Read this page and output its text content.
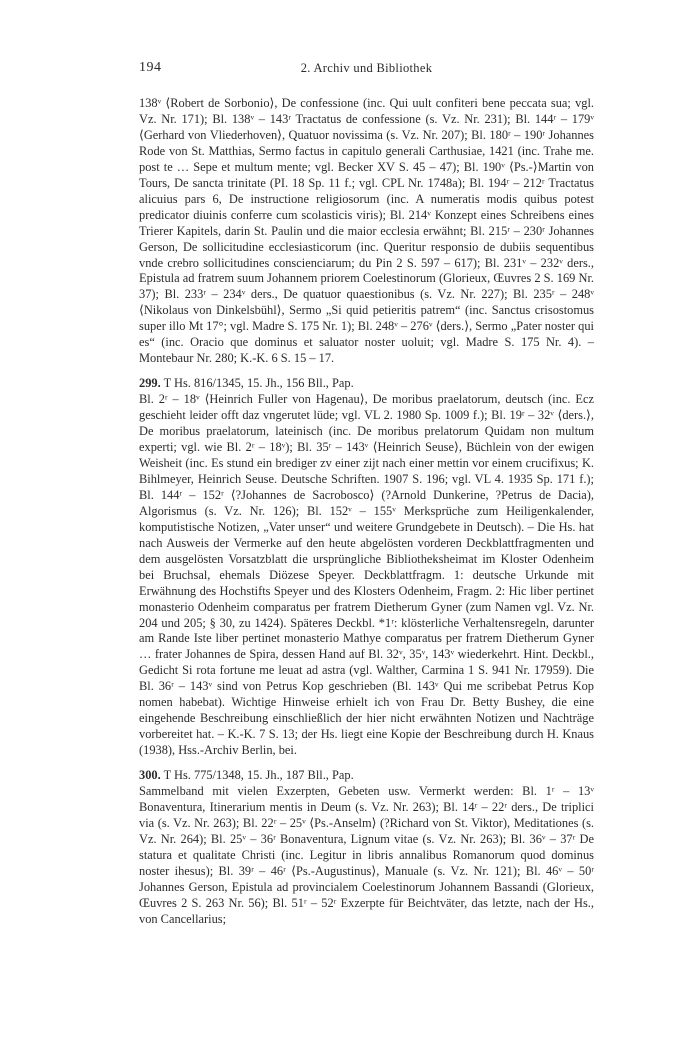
194	2. Archiv und Bibliothek

138ᵛ ⟨Robert de Sorbonio⟩, De confessione (inc. Qui uult confiteri bene peccata sua; vgl. Vz. Nr. 171); Bl. 138ᵛ – 143ʳ Tractatus de confessione (s. Vz. Nr. 231); Bl. 144ʳ – 179ᵛ ⟨Gerhard von Vliederhoven⟩, Quatuor novissima (s. Vz. Nr. 207); Bl. 180ʳ – 190ʳ Johannes Rode von St. Matthias, Sermo factus in capitulo generali Carthusiae, 1421 (inc. Trahe me. post te … Sepe et multum mente; vgl. Becker XV S. 45 – 47); Bl. 190ᵛ ⟨Ps.-⟩Martin von Tours, De sancta trinitate (PI. 18 Sp. 11 f.; vgl. CPL Nr. 1748a); Bl. 194ʳ – 212ʳ Tractatus alicuius pars 6, De instructione religiosorum (inc. A numeratis modis quibus potest predicator diuinis conferre cum scolasticis viris); Bl. 214ᵛ Konzept eines Schreibens eines Trierer Kapitels, darin St. Paulin und die maior ecclesia erwähnt; Bl. 215ʳ – 230ʳ Johannes Gerson, De sollicitudine ecclesiasticorum (inc. Queritur responsio de dubiis sequentibus vnde crebro sollicitudines conscienciarum; du Pin 2 S. 597 – 617); Bl. 231ᵛ – 232ᵛ ders., Epistula ad fratrem suum Johannem priorem Coelestinorum (Glorieux, Œuvres 2 S. 169 Nr. 37); Bl. 233ʳ – 234ᵛ ders., De quatuor quaestionibus (s. Vz. Nr. 227); Bl. 235ʳ – 248ᵛ ⟨Nikolaus von Dinkelsbühl⟩, Sermo „Si quid petieritis patrem“ (inc. Sanctus crisostomus super illo Mt 17°; vgl. Madre S. 175 Nr. 1); Bl. 248ᵛ – 276ᵛ ⟨ders.⟩, Sermo „Pater noster qui es“ (inc. Oracio que dominus et saluator noster uoluit; vgl. Madre S. 175 Nr. 4). – Montebaur Nr. 280; K.-K. 6 S. 15 – 17.

299. T Hs. 816/1345, 15. Jh., 156 Bll., Pap.

Bl. 2ʳ – 18ᵛ ⟨Heinrich Fuller von Hagenau⟩, De moribus praelatorum, deutsch (inc. Ecz geschieht leider offt daz vngerutet lüde; vgl. VL 2. 1980 Sp. 1009 f.); Bl. 19ʳ – 32ᵛ ⟨ders.⟩, De moribus praelatorum, lateinisch (inc. De moribus prelatorum Quidam non multum experti; vgl. wie Bl. 2ʳ – 18ᵛ); Bl. 35ʳ – 143ᵛ ⟨Heinrich Seuse⟩, Büchlein von der ewigen Weisheit (inc. Es stund ein brediger zv einer zijt nach einer mettin vor einem crucifixus; K. Bihlmeyer, Heinrich Seuse. Deutsche Schriften. 1907 S. 196; vgl. VL 4. 1935 Sp. 171 f.); Bl. 144ʳ – 152ʳ ⟨?Johannes de Sacrobosco⟩ (?Arnold Dunkerine, ?Petrus de Dacia), Algorismus (s. Vz. Nr. 126); Bl. 152ᵛ – 155ᵛ Merksprüche zum Heiligenkalender, komputistische Notizen, „Vater unser“ und weitere Grundgebete in Deutsch). – Die Hs. hat nach Ausweis der Vermerke auf den heute abgelösten vorderen Deckblattfragmenten und dem ausgelösten Vorsatzblatt die ursprüngliche Bibliotheksheimat im Kloster Odenheim bei Bruchsal, ehemals Diözese Speyer. Deckblattfragm. 1: deutsche Urkunde mit Erwähnung des Hochstifts Speyer und des Klosters Odenheim, Fragm. 2: Hic liber pertinet monasterio Odenheim comparatus per fratrem Dietherum Gyner (zum Namen vgl. Vz. Nr. 204 und 205; § 30, zu 1424). Späteres Deckbl. *1ʳ: klösterliche Verhaltensregeln, darunter am Rande Iste liber pertinet monasterio Mathye comparatus per fratrem Dietherum Gyner … frater Johannes de Spira, dessen Hand auf Bl. 32ᵛ, 35ᵛ, 143ᵛ wiederkehrt. Hint. Deckbl., Gedicht Si rota fortune me leuat ad astra (vgl. Walther, Carmina 1 S. 941 Nr. 17959). Die Bl. 36ʳ – 143ᵛ sind von Petrus Kop geschrieben (Bl. 143ᵛ Qui me scribebat Petrus Kop nomen habebat). Wichtige Hinweise erhielt ich von Frau Dr. Betty Bushey, die eine eingehende Beschreibung einschließlich der hier nicht erwähnten Notizen und Nachträge vorbereitet hat. – K.-K. 7 S. 13; der Hs. liegt eine Kopie der Beschreibung durch H. Knaus (1938), Hss.-Archiv Berlin, bei.

300. T Hs. 775/1348, 15. Jh., 187 Bll., Pap.

Sammelband mit vielen Exzerpten, Gebeten usw. Vermerkt werden: Bl. 1ʳ – 13ᵛ Bonaventura, Itinerarium mentis in Deum (s. Vz. Nr. 263); Bl. 14ʳ – 22ʳ ders., De triplici via (s. Vz. Nr. 263); Bl. 22ʳ – 25ᵛ ⟨Ps.-Anselm⟩ (?Richard von St. Viktor), Meditationes (s. Vz. Nr. 264); Bl. 25ᵛ – 36ʳ Bonaventura, Lignum vitae (s. Vz. Nr. 263); Bl. 36ᵛ – 37ʳ De statura et qualitate Christi (inc. Legitur in libris annalibus Romanorum quod dominus noster ihesus); Bl. 39ʳ – 46ʳ ⟨Ps.-Augustinus⟩, Manuale (s. Vz. Nr. 121); Bl. 46ᵛ – 50ʳ Johannes Gerson, Epistula ad provincialem Coelestinorum Johannem Bassandi (Glorieux, Œuvres 2 S. 263 Nr. 56); Bl. 51ʳ – 52ʳ Exzerpte für Beichtväter, das letzte, nach der Hs., von Cancellarius;
